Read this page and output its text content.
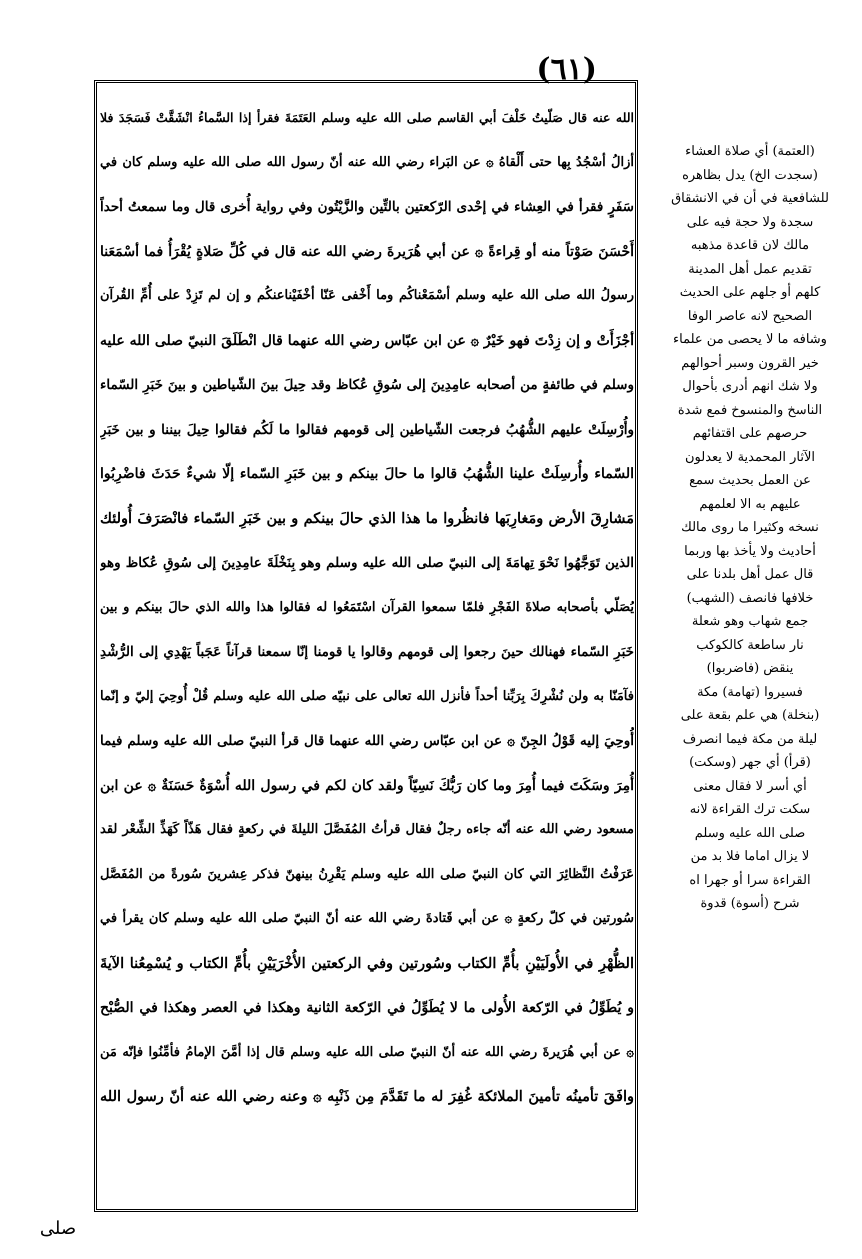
(٦١)
الله عنه قال صَلّيتُ خَلْفَ أبي القاسم صلى الله عليه وسلم العَتَمَةَ فقرأ إذا السَّماءُ انْشَقَّتْ فَسَجَدَ فلا
أزالُ أسْجُدُ بِها حتى أَلْقاهُ ۞ عن البَراء رضي الله عنه أنّ رسول الله صلى الله عليه وسلم كان في
سَفَرٍ فقرأ في العِشاء في إحْدى الرّكعتين بالتِّين والزَّيْتُون وفي رواية أُخرى قال وما سمعتُ أحداً
أَحْسَنَ صَوْتاً منه أو قِراءةً ۞ عن أبي هُرَيرةَ رضي الله عنه قال في كُلِّ صَلاةٍ يُقْرَأُ فما أسْمَعَنا
رسولُ الله صلى الله عليه وسلم أسْمَعْناكُم وما أَخْفى عَنّا أخْفَيْناعنكُم و إن لم تَزِدْ على أُمِّ القُرآن
أجْزَأَتْ و إن زِدْتَ فهو خَيْرٌ ۞ عن ابن عبّاس رضي الله عنهما قال انْطَلَقَ النبيّ صلى الله عليه
وسلم في طائفةٍ من أصحابه عامِدِينَ إلى سُوقِ عُكاظ وقد حِيلَ بينَ الشّياطين و بينَ خَبَرِ السّماء
وأُرْسِلَتْ عليهم الشُّهُبُ فرجعت الشّياطين إلى قومهم فقالوا ما لَكُم فقالوا حِيلَ بيننا و بين خَبَرِ
السّماء وأُرسِلَتْ علينا الشُّهُبُ قالوا ما حالَ بينكم و بين خَبَرِ السّماء إلّا شيءٌ حَدَثَ فاضْرِبُوا
مَشارِقَ الأرض ومَغارِبَها فانظُروا ما هذا الذي حالَ بينكم و بين خَبَرِ السّماء فانْصَرَفَ أُولئك
الذين تَوَجَّهُوا نَحْوَ تِهامَةَ إلى النبيّ صلى الله عليه وسلم وهو بِنَخْلَةَ عامِدِينَ إلى سُوقِ عُكاظ وهو
يُصَلّي بأصحابه صلاةَ الفَجْرِ فلمّا سمعوا القرآن اسْتَمَعُوا له فقالوا هذا والله الذي حالَ بينكم و بين
خَبَرِ السّماء فهنالك حينَ رجعوا إلى قومهم وقالوا يا قومنا إنّا سمعنا قرآناً عَجَباً يَهْدِي إلى الرُّشْدِ
فآمَنّا به ولن نُشْرِكَ بِرَبِّنا أحداً فأنزل الله تعالى على نبيّه صلى الله عليه وسلم قُلْ أُوحِيَ إليّ و إنّما
أُوحِيَ إليه قَوْلُ الجِنّ ۞ عن ابن عبّاس رضي الله عنهما قال قرأ النبيّ صلى الله عليه وسلم فيما
أُمِرَ وسَكَتَ فيما أُمِرَ وما كان رَبُّكَ نَسِيّاً ولقد كان لكم في رسول الله أُسْوَةٌ حَسَنَةٌ ۞ عن ابن
مسعود رضي الله عنه أنّه جاءه رجلٌ فقال قرأتُ المُفَصَّلَ الليلةَ في ركعةٍ فقال هَذّاً كَهَذِّ الشِّعْر لقد
عَرَفْتُ النَّظائِرَ التي كان النبيّ صلى الله عليه وسلم يَقْرِنُ بينهنّ فذكر عِشرينَ سُورةً من المُفَصَّل
سُورتين في كلّ ركعةٍ ۞ عن أبي قَتادةَ رضي الله عنه أنّ النبيّ صلى الله عليه وسلم كان يقرأ في
الظُّهْرِ في الأُولَيَيْنِ بأُمِّ الكتاب وسُورتين وفي الركعتين الأُخْرَيَيْنِ بأُمِّ الكتاب و يُسْمِعُنا الآيةَ
و يُطَوِّلُ في الرّكعة الأُولى ما لا يُطَوِّلُ في الرّكعة الثانية وهكذا في العصر وهكذا في الصُّبْح
۞ عن أبي هُرَيرةَ رضي الله عنه أنّ النبيّ صلى الله عليه وسلم قال إذا أمَّنَ الإمامُ فأمِّنُوا فإنّه مَن
وافَقَ تأمينُه تأمينَ الملائكة غُفِرَ له ما تَقَدَّمَ مِن ذَنْبِه ۞ وعنه رضي الله عنه أنّ رسول الله
(العتمة) أي صلاة العشاء
(سجدت الخ) يدل بظاهره
للشافعية في أن في الانشقاق
سجدة ولا حجة فيه على
مالك لان قاعدة مذهبه
تقديم عمل أهل المدينة
كلهم أو جلهم على الحديث
الصحيح لانه عاصر الوفا
وشافه ما لا يحصى من علماء
خير القرون وسبر أحوالهم
ولا شك انهم أدرى بأحوال
الناسخ والمنسوخ فمع شدة
حرصهم على اقتفائهم
الآثار المحمدية لا يعدلون
عن العمل بحديث سمع
عليهم به الا لعلمهم
نسخه وكثيرا ما روى مالك
أحاديث ولا يأخذ بها وربما
قال عمل أهل بلدنا على
خلافها فانصف (الشهب)
جمع شهاب وهو شعلة
نار ساطعة كالكوكب
ينقض (فاضربوا)
فسيروا (تهامة) مكة
(بنخلة) هي علم بقعة على
ليلة من مكة فيما انصرف
(قرأ) أي جهر (وسكت)
أي أسر لا فقال معنى
سكت ترك القراءة لانه
صلى الله عليه وسلم
لا يزال اماما فلا بد من
القراءة سرا أو جهرا اه
شرح (أسوة) قدوة
صلى
